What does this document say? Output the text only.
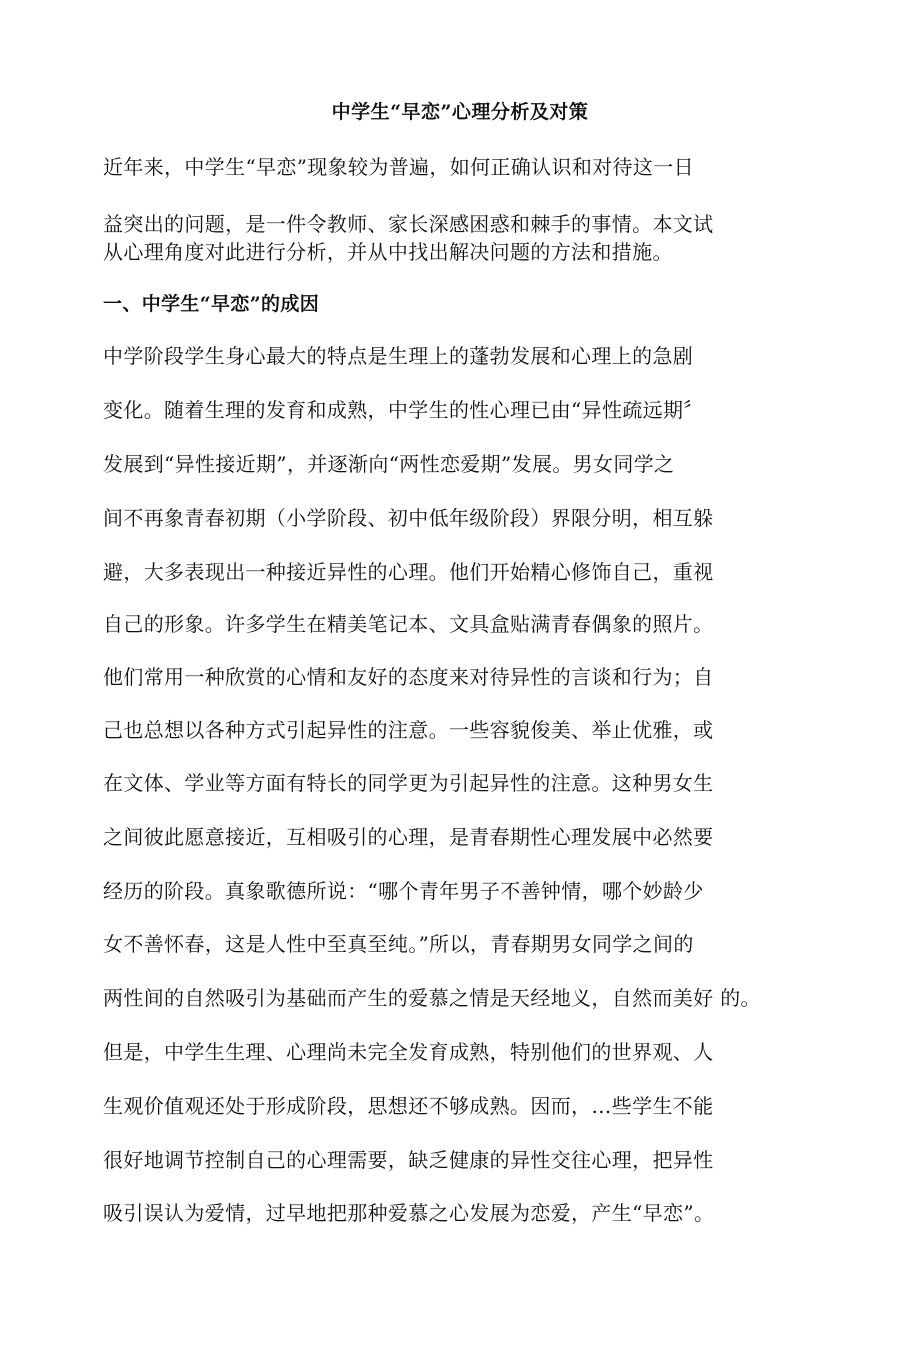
中学生“早恋”心理分析及对策
近年来，中学生“早恋”现象较为普遍，如何正确认识和对待这一日
益突出的问题，是一件令教师、家长深感困惑和棘手的事情。本文试
从心理角度对此进行分析，并从中找出解决问题的方法和措施。
一、中学生“早恋”的成因
中学阶段学生身心最大的特点是生理上的蓬勃发展和心理上的急剧
变化。随着生理的发育和成熟，中学生的性心理已由“异性疏远期〞
发展到“异性接近期”，并逐渐向“两性恋爱期”发展。男女同学之
间不再象青春初期（小学阶段、初中低年级阶段）界限分明，相互躲
避，大多表现出一种接近异性的心理。他们开始精心修饰自己，重视
自己的形象。许多学生在精美笔记本、文具盒贴满青春偶象的照片。
他们常用一种欣赏的心情和友好的态度来对待异性的言谈和行为；自
己也总想以各种方式引起异性的注意。一些容貌俊美、举止优雅，或
在文体、学业等方面有特长的同学更为引起异性的注意。这种男女生
之间彼此愿意接近，互相吸引的心理，是青春期性心理发展中必然要
经历的阶段。真象歌德所说：“哪个青年男子不善钟情，哪个妙龄少
女不善怀春，这是人性中至真至纯。”所以，青春期男女同学之间的
两性间的自然吸引为基础而产生的爱慕之情是天经地义，自然而美好 的。
但是，中学生生理、心理尚未完全发育成熟，特别他们的世界观、人
生观价值观还处于形成阶段，思想还不够成熟。因而，…些学生不能
很好地调节控制自己的心理需要，缺乏健康的异性交往心理，把异性
吸引误认为爱情，过早地把那种爱慕之心发展为恋爱，产生“早恋”。
